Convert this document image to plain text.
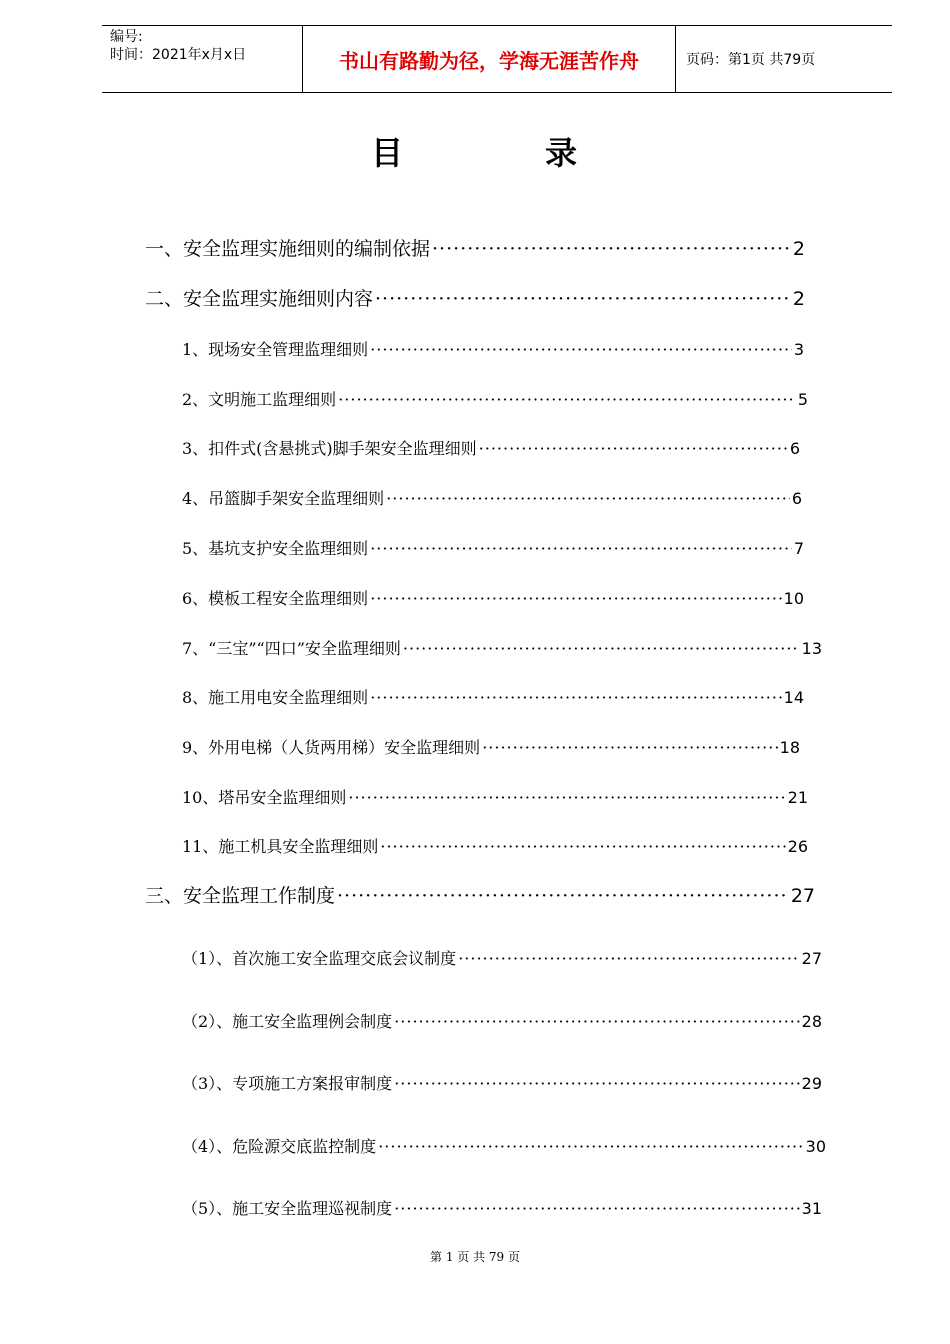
编号:
时间：2021年x月x日	书山有路勤为径，学海无涯苦作舟	页码：第1页 共79页
目	录
一、安全监理实施细则的编制依据 ·····	2
二、安全监理实施细则内容 ·····	2
1、现场安全管理监理细则 ·····	3
2、文明施工监理细则 ·····	5
3、扣件式(含悬挑式)脚手架安全监理细则 ·····	6
4、吊篮脚手架安全监理细则 ·····	6
5、基坑支护安全监理细则 ·····	7
6、模板工程安全监理细则 ·····	10
7、“三宝”“四口”安全监理细则 ·····	13
8、施工用电安全监理细则 ·····	14
9、外用电梯（人货两用梯）安全监理细则 ·····	18
10、塔吊安全监理细则 ·····	21
11、施工机具安全监理细则 ·····	26
三、安全监理工作制度 ·····	27
（1）、首次施工安全监理交底会议制度 ·····	27
（2）、施工安全监理例会制度 ·····	28
（3）、专项施工方案报审制度 ·····	29
（4）、危险源交底监控制度 ·····	30
（5）、施工安全监理巡视制度 ·····	31
第 1 页 共 79 页
